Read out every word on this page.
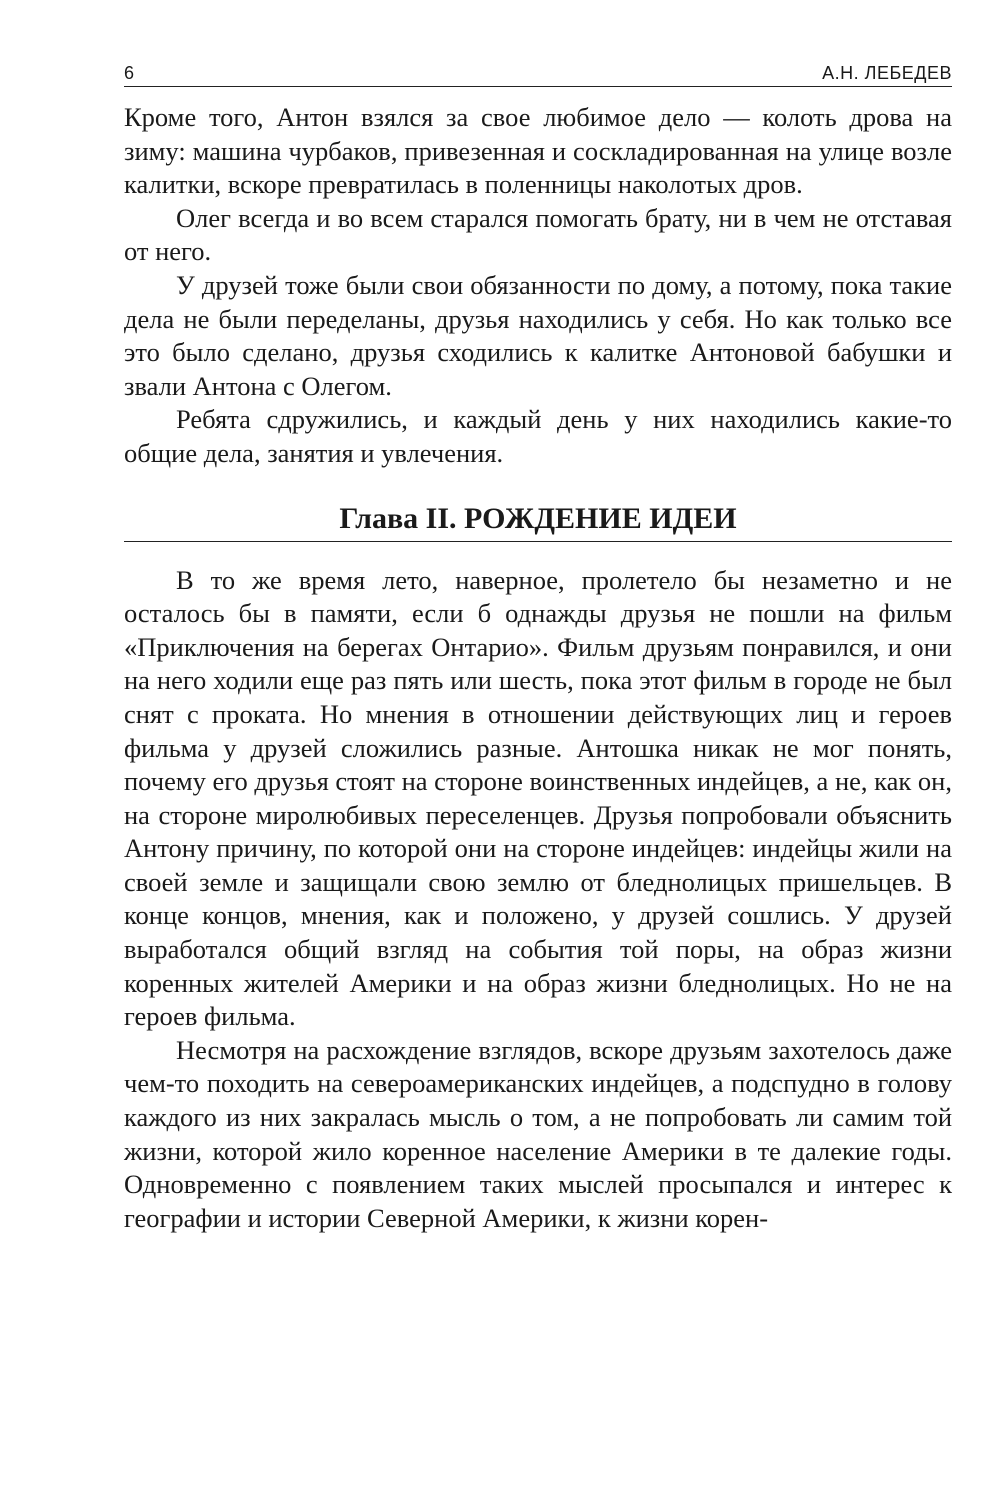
6	А.Н. ЛЕБЕДЕВ

Кроме того, Антон взялся за свое любимое дело — колоть дрова на зиму: машина чурбаков, привезенная и соскладированная на улице возле калитки, вскоре превратилась в поленницы наколотых дров.

Олег всегда и во всем старался помогать брату, ни в чем не отставая от него.

У друзей тоже были свои обязанности по дому, а потому, пока такие дела не были переделаны, друзья находились у себя. Но как только все это было сделано, друзья сходились к калитке Антоновой бабушки и звали Антона с Олегом.

Ребята сдружились, и каждый день у них находились какие-то общие дела, занятия и увлечения.

Глава II. РОЖДЕНИЕ ИДЕИ

В то же время лето, наверное, пролетело бы незаметно и не осталось бы в памяти, если б однажды друзья не пошли на фильм «Приключения на берегах Онтарио». Фильм друзьям понравился, и они на него ходили еще раз пять или шесть, пока этот фильм в городе не был снят с проката. Но мнения в отношении действующих лиц и героев фильма у друзей сложились разные. Антошка никак не мог понять, почему его друзья стоят на стороне воинственных индейцев, а не, как он, на стороне миролюбивых переселенцев. Друзья попробовали объяснить Антону причину, по которой они на стороне индейцев: индейцы жили на своей земле и защищали свою землю от бледнолицых пришельцев. В конце концов, мнения, как и положено, у друзей сошлись. У друзей выработался общий взгляд на события той поры, на образ жизни коренных жителей Америки и на образ жизни бледнолицых. Но не на героев фильма.

Несмотря на расхождение взглядов, вскоре друзьям захотелось даже чем-то походить на североамериканских индейцев, а подспудно в голову каждого из них закралась мысль о том, а не попробовать ли самим той жизни, которой жило коренное население Америки в те далекие годы. Одновременно с появлением таких мыслей просыпался и интерес к географии и истории Северной Америки, к жизни корен-
